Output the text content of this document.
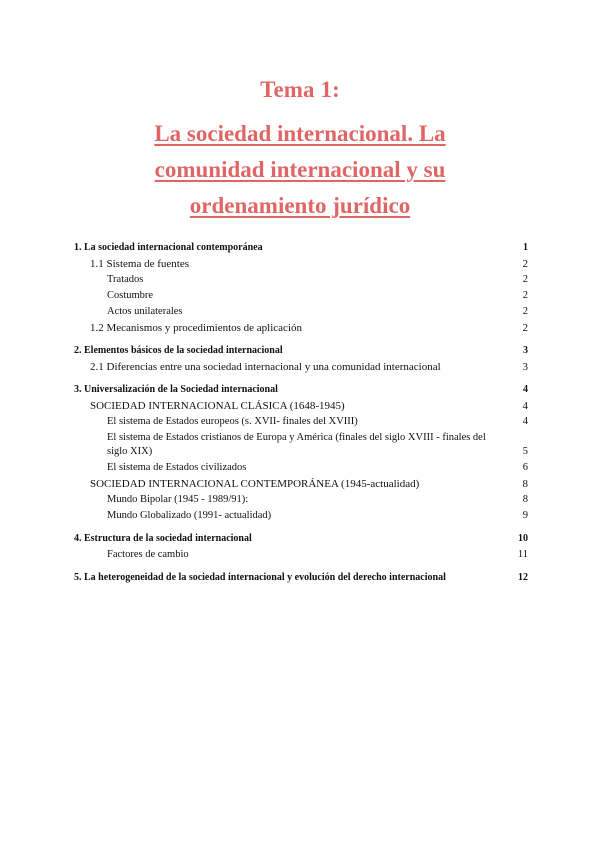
Tema 1:
La sociedad internacional. La
comunidad internacional y su
ordenamiento jurídico
1. La sociedad internacional contemporánea	1
1.1 Sistema de fuentes	2
Tratados	2
Costumbre	2
Actos unilaterales	2
1.2 Mecanismos y procedimientos de aplicación	2
2. Elementos básicos de la sociedad internacional	3
2.1 Diferencias entre una sociedad internacional y una comunidad internacional	3
3. Universalización de la Sociedad internacional	4
SOCIEDAD INTERNACIONAL CLÁSICA (1648-1945)	4
El sistema de Estados europeos (s. XVII- finales del XVIII)	4
El sistema de Estados cristianos de Europa y América (finales del siglo XVIII - finales del siglo XIX)	5
El sistema de Estados civilizados	6
SOCIEDAD INTERNACIONAL CONTEMPORÁNEA (1945-actualidad)	8
Mundo Bipolar (1945 - 1989/91):	8
Mundo Globalizado (1991- actualidad)	9
4. Estructura de la sociedad internacional	10
Factores de cambio	11
5. La heterogeneidad de la sociedad internacional y evolución del derecho internacional	12
